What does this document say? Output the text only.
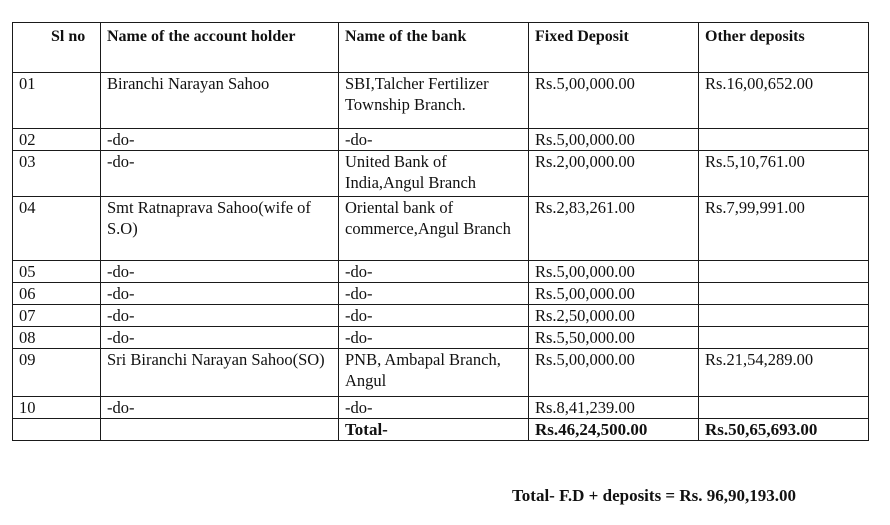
Sl no	Name of the account holder	Name of the bank	Fixed Deposit	Other deposits
01	Biranchi Narayan Sahoo	SBI,Talcher Fertilizer Township Branch.	Rs.5,00,000.00	Rs.16,00,652.00
02	-do-	-do-	Rs.5,00,000.00	
03	-do-	United Bank of India,Angul Branch	Rs.2,00,000.00	Rs.5,10,761.00
04	Smt Ratnaprava Sahoo(wife of S.O)	Oriental bank of commerce,Angul Branch	Rs.2,83,261.00	Rs.7,99,991.00
05	-do-	-do-	Rs.5,00,000.00	
06	-do-	-do-	Rs.5,00,000.00	
07	-do-	-do-	Rs.2,50,000.00	
08	-do-	-do-	Rs.5,50,000.00	
09	Sri Biranchi Narayan Sahoo(SO)	PNB, Ambapal Branch, Angul	Rs.5,00,000.00	Rs.21,54,289.00
10	-do-	-do-	Rs.8,41,239.00	
		Total-	Rs.46,24,500.00	Rs.50,65,693.00
Total- F.D + deposits = Rs. 96,90,193.00
